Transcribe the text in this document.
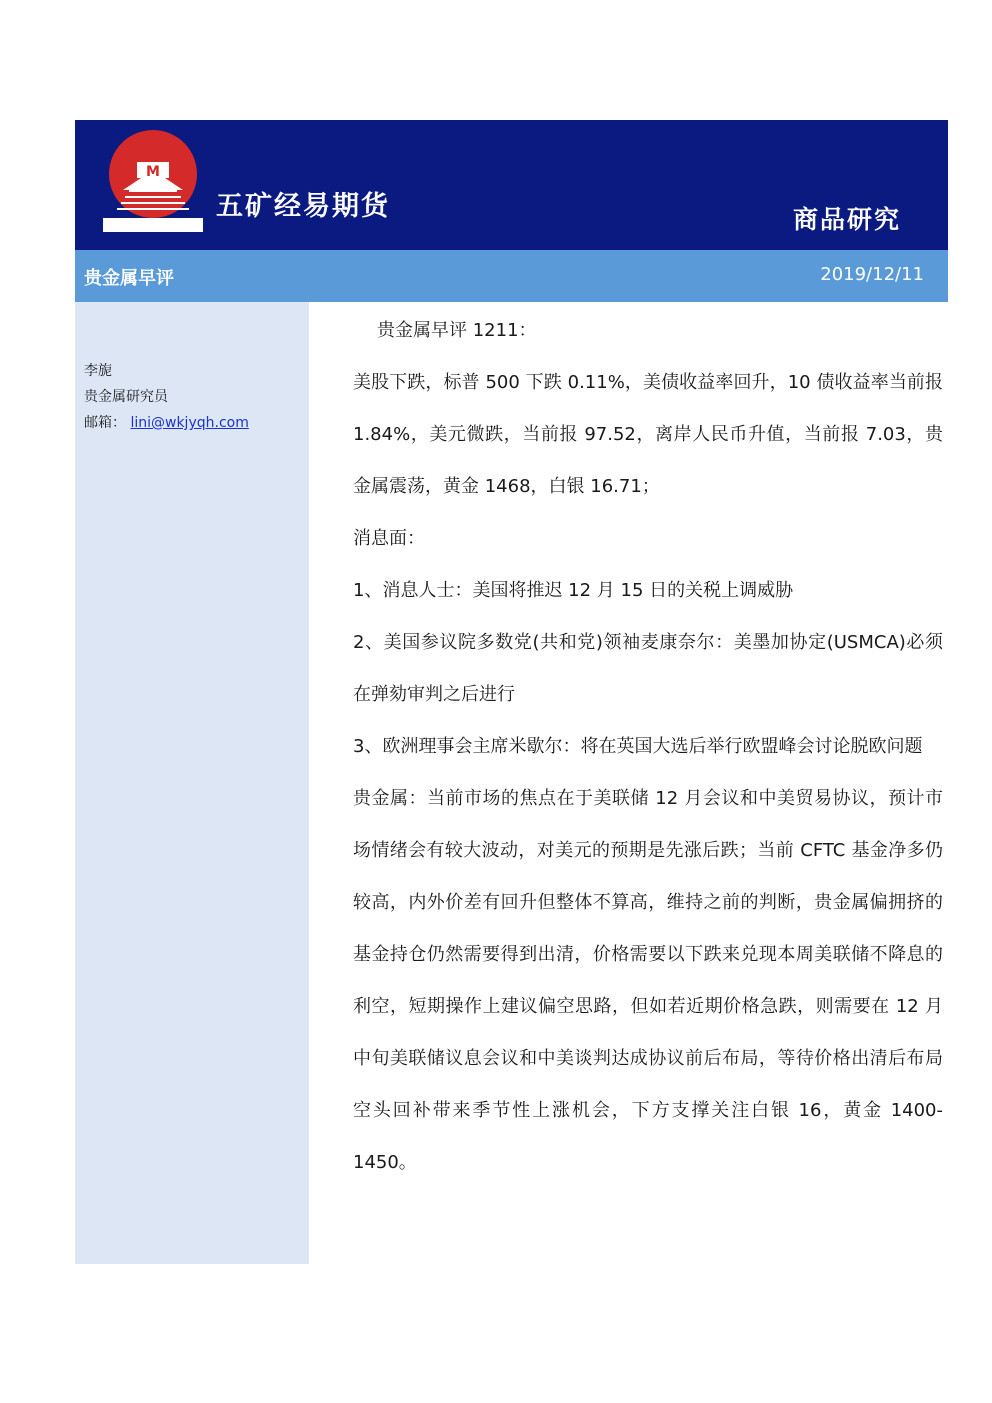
M
五矿经易期货	商品研究
贵金属早评	2019/12/11
李旎
贵金属研究员
邮箱： lini@wkjyqh.com

贵金属早评 1211：

美股下跌，标普 500 下跌 0.11%，美债收益率回升，10 债收益率当前报 1.84%，美元微跌，当前报 97.52，离岸人民币升值，当前报 7.03，贵金属震荡，黄金 1468，白银 16.71；

消息面：

1、消息人士：美国将推迟 12 月 15 日的关税上调威胁

2、美国参议院多数党(共和党)领袖麦康奈尔：美墨加协定(USMCA)必须在弹劾审判之后进行

3、欧洲理事会主席米歇尔：将在英国大选后举行欧盟峰会讨论脱欧问题

贵金属：当前市场的焦点在于美联储 12 月会议和中美贸易协议，预计市场情绪会有较大波动，对美元的预期是先涨后跌；当前 CFTC 基金净多仍较高，内外价差有回升但整体不算高，维持之前的判断，贵金属偏拥挤的基金持仓仍然需要得到出清，价格需要以下跌来兑现本周美联储不降息的利空，短期操作上建议偏空思路，但如若近期价格急跌，则需要在 12 月中旬美联储议息会议和中美谈判达成协议前后布局，等待价格出清后布局空头回补带来季节性上涨机会，下方支撑关注白银 16，黄金 1400-1450。
